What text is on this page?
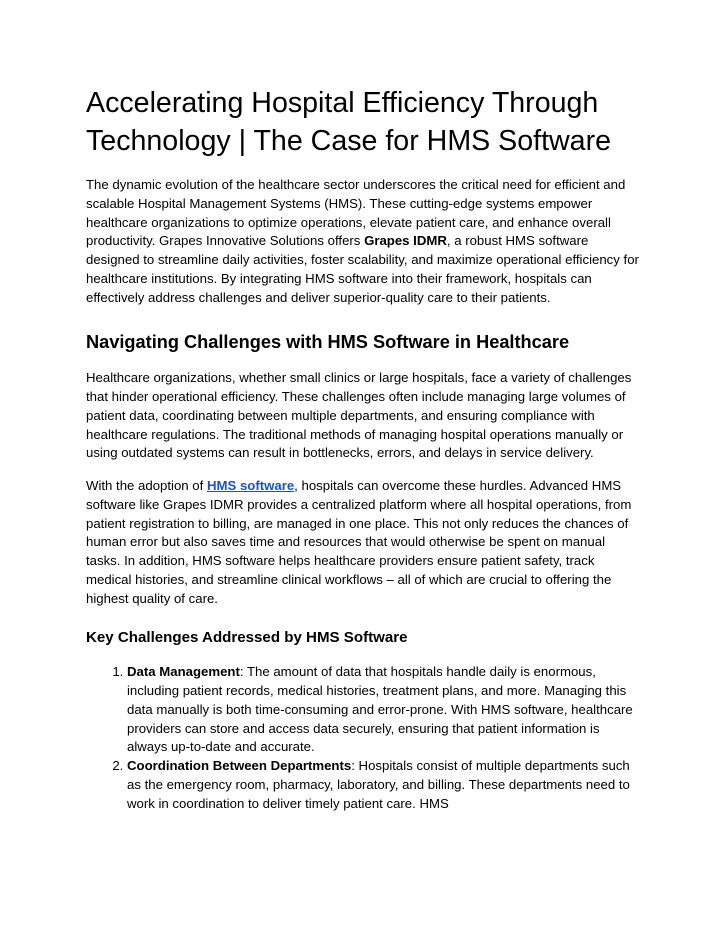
Accelerating Hospital Efficiency Through
Technology | The Case for HMS Software

The dynamic evolution of the healthcare sector underscores the critical need for efficient and scalable Hospital Management Systems (HMS). These cutting-edge systems empower healthcare organizations to optimize operations, elevate patient care, and enhance overall productivity. Grapes Innovative Solutions offers Grapes IDMR, a robust HMS software designed to streamline daily activities, foster scalability, and maximize operational efficiency for healthcare institutions. By integrating HMS software into their framework, hospitals can effectively address challenges and deliver superior-quality care to their patients.

Navigating Challenges with HMS Software in Healthcare

Healthcare organizations, whether small clinics or large hospitals, face a variety of challenges that hinder operational efficiency. These challenges often include managing large volumes of patient data, coordinating between multiple departments, and ensuring compliance with healthcare regulations. The traditional methods of managing hospital operations manually or using outdated systems can result in bottlenecks, errors, and delays in service delivery.

With the adoption of HMS software, hospitals can overcome these hurdles. Advanced HMS software like Grapes IDMR provides a centralized platform where all hospital operations, from patient registration to billing, are managed in one place. This not only reduces the chances of human error but also saves time and resources that would otherwise be spent on manual tasks. In addition, HMS software helps healthcare providers ensure patient safety, track medical histories, and streamline clinical workflows – all of which are crucial to offering the highest quality of care.

Key Challenges Addressed by HMS Software
1. Data Management: The amount of data that hospitals handle daily is enormous, including patient records, medical histories, treatment plans, and more. Managing this data manually is both time-consuming and error-prone. With HMS software, healthcare providers can store and access data securely, ensuring that patient information is always up-to-date and accurate.
2. Coordination Between Departments: Hospitals consist of multiple departments such as the emergency room, pharmacy, laboratory, and billing. These departments need to work in coordination to deliver timely patient care. HMS
